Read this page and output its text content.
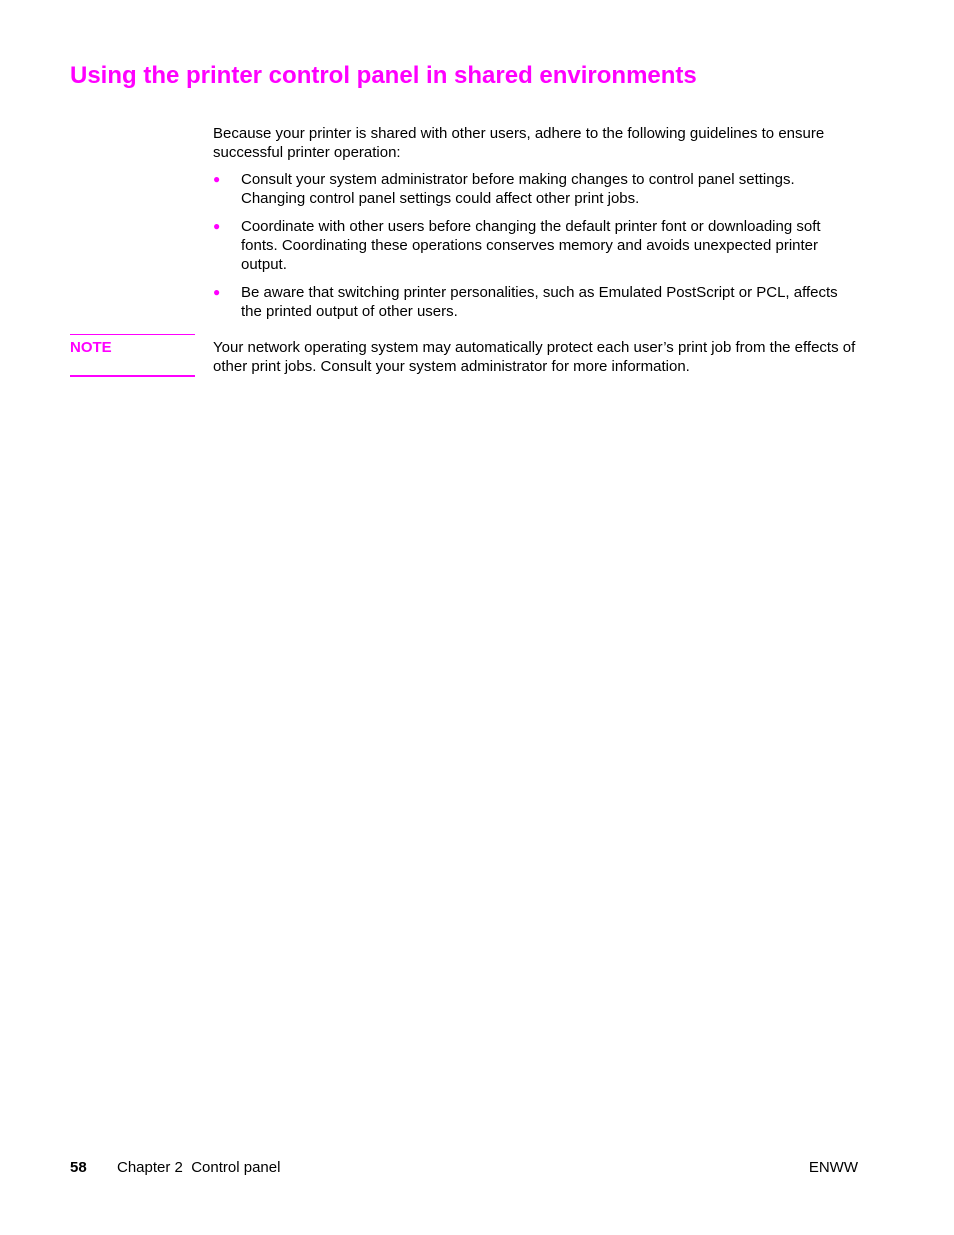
Using the printer control panel in shared environments

Because your printer is shared with other users, adhere to the following guidelines to ensure successful printer operation:

● Consult your system administrator before making changes to control panel settings. Changing control panel settings could affect other print jobs.
● Coordinate with other users before changing the default printer font or downloading soft fonts. Coordinating these operations conserves memory and avoids unexpected printer output.
● Be aware that switching printer personalities, such as Emulated PostScript or PCL, affects the printed output of other users.
NOTE	Your network operating system may automatically protect each user’s print job from the effects of other print jobs. Consult your system administrator for more information.

58 Chapter 2  Control panel	ENWW
